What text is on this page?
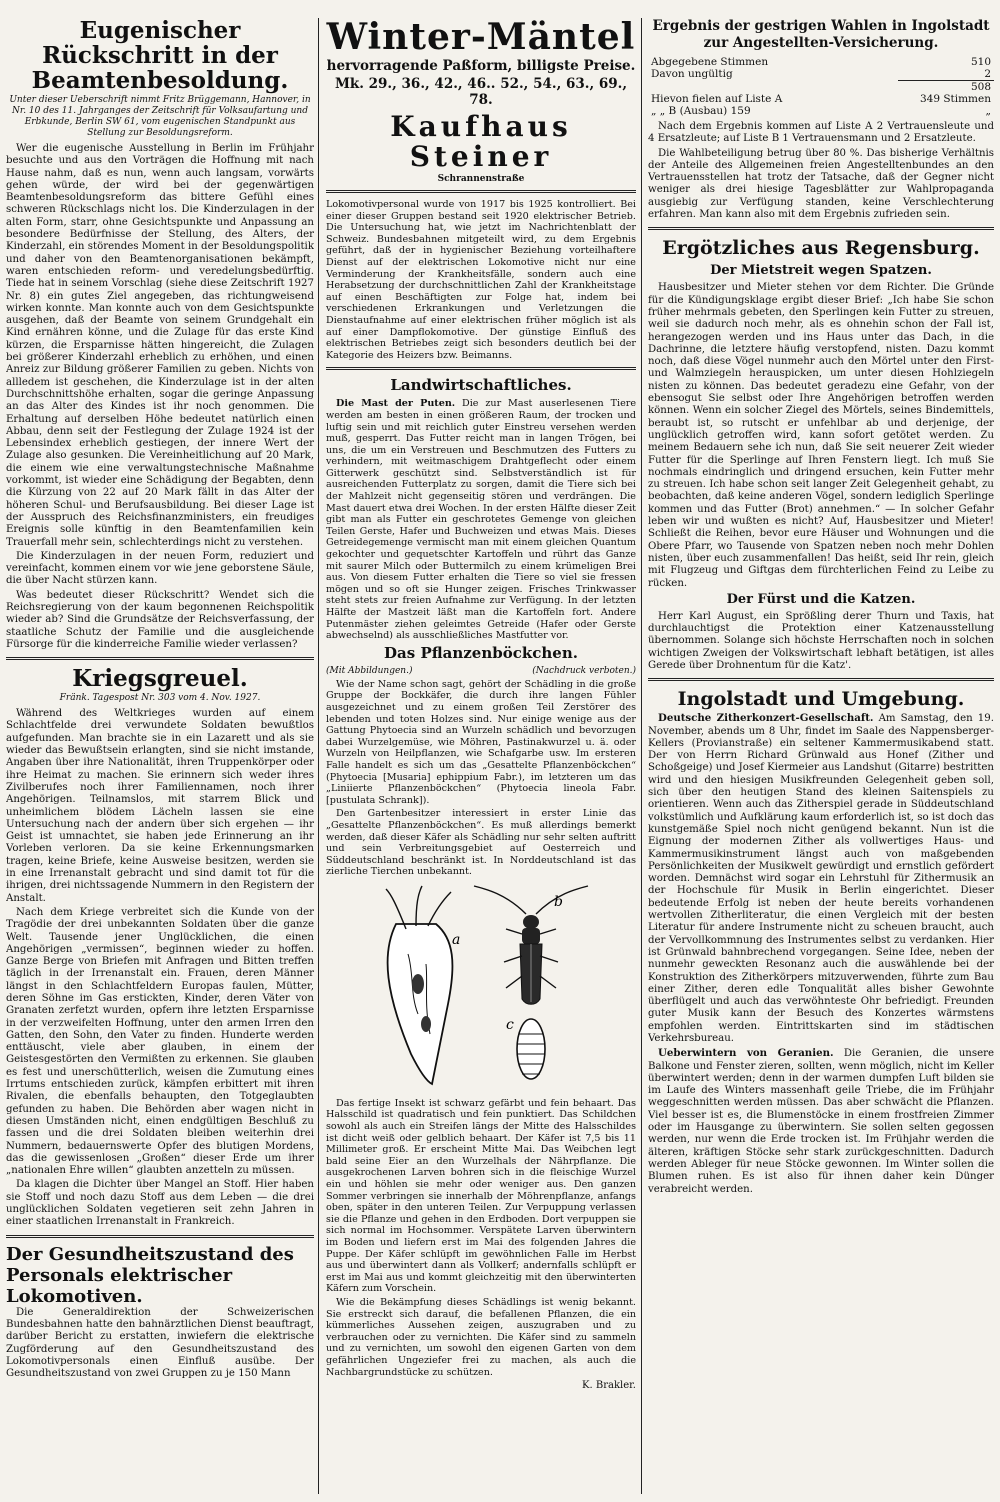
Eugenischer Rückschritt in der Beamtenbesoldung.
Unter dieser Ueberschrift nimmt Fritz Brüggemann, Hannover, in Nr. 10 des 11. Jahrganges der Zeitschrift für Volksaufartung und Erbkunde, Berlin SW 61, vom eugenischen Standpunkt aus Stellung zur Besoldungsreform.

Wer die eugenische Ausstellung in Berlin im Frühjahr besuchte und aus den Vorträgen die Hoffnung mit nach Hause nahm, daß es nun, wenn auch langsam, vorwärts gehen würde, der wird bei der gegenwärtigen Beamtenbesoldungsreform das bittere Gefühl eines schweren Rückschlags nicht los. Die Kinderzulagen in der alten Form, starr, ohne Gesichtspunkte und Anpassung an besondere Bedürfnisse der Stellung, des Alters, der Kinderzahl, ein störendes Moment in der Besoldungspolitik und daher von den Beamtenorganisationen bekämpft, waren entschieden reform- und veredelungsbedürftig. Tiede hat in seinem Vorschlag (siehe diese Zeitschrift 1927 Nr. 8) ein gutes Ziel angegeben, das richtungweisend wirken konnte. Man konnte auch von dem Gesichtspunkte ausgehen, daß der Beamte von seinem Grundgehalt ein Kind ernähren könne, und die Zulage für das erste Kind kürzen, die Ersparnisse hätten hingereicht, die Zulagen bei größerer Kinderzahl erheblich zu erhöhen, und einen Anreiz zur Bildung größerer Familien zu geben. Nichts von allledem ist geschehen, die Kinderzulage ist in der alten Durchschnittshöhe erhalten, sogar die geringe Anpassung an das Alter des Kindes ist ihr noch genommen. Die Erhaltung auf derselben Höhe bedeutet natürlich einen Abbau, denn seit der Festlegung der Zulage 1924 ist der Lebensindex erheblich gestiegen, der innere Wert der Zulage also gesunken. Die Vereinheitlichung auf 20 Mark, die einem wie eine verwaltungstechnische Maßnahme vorkommt, ist wieder eine Schädigung der Begabten, denn die Kürzung von 22 auf 20 Mark fällt in das Alter der höheren Schul- und Berufsausbildung. Bei dieser Lage ist der Ausspruch des Reichsfinanzministers, ein freudiges Ereignis solle künftig in den Beamtenfamilien kein Trauerfall mehr sein, schlechterdings nicht zu verstehen.

Die Kinderzulagen in der neuen Form, reduziert und vereinfacht, kommen einem vor wie jene geborstene Säule, die über Nacht stürzen kann.

Was bedeutet dieser Rückschritt? Wendet sich die Reichsregierung von der kaum begonnenen Reichspolitik wieder ab? Sind die Grundsätze der Reichsverfassung, der staatliche Schutz der Familie und die ausgleichende Fürsorge für die kinderreiche Familie wieder verlassen?

Kriegsgreuel.
Fränk. Tagespost Nr. 303 vom 4. Nov. 1927.

Während des Weltkrieges wurden auf einem Schlachtfelde drei verwundete Soldaten bewußtlos aufgefunden. Man brachte sie in ein Lazarett und als sie wieder das Bewußtsein erlangten, sind sie nicht imstande, Angaben über ihre Nationalität, ihren Truppenkörper oder ihre Heimat zu machen. Sie erinnern sich weder ihres Zivilberufes noch ihrer Familiennamen, noch ihrer Angehörigen. Teilnamslos, mit starrem Blick und unheimlichem blödem Lächeln lassen sie eine Untersuchung nach der andern über sich ergehen — ihr Geist ist umnachtet, sie haben jede Erinnerung an ihr Vorleben verloren. Da sie keine Erkennungsmarken tragen, keine Briefe, keine Ausweise besitzen, werden sie in eine Irrenanstalt gebracht und sind damit tot für die ihrigen, drei nichtssagende Nummern in den Registern der Anstalt.

Nach dem Kriege verbreitet sich die Kunde von der Tragödie der drei unbekannten Soldaten über die ganze Welt. Tausende jener Unglücklichen, die einen Angehörigen „vermissen“, beginnen wieder zu hoffen. Ganze Berge von Briefen mit Anfragen und Bitten treffen täglich in der Irrenanstalt ein. Frauen, deren Männer längst in den Schlachtfeldern Europas faulen, Mütter, deren Söhne im Gas erstickten, Kinder, deren Väter von Granaten zerfetzt wurden, opfern ihre letzten Ersparnisse in der verzweifelten Hoffnung, unter den armen Irren den Gatten, den Sohn, den Vater zu finden. Hunderte werden enttäuscht, viele aber glauben, in einem der Geistesgestörten den Vermißten zu erkennen. Sie glauben es fest und unerschütterlich, weisen die Zumutung eines Irrtums entschieden zurück, kämpfen erbittert mit ihren Rivalen, die ebenfalls behaupten, den Totgeglaubten gefunden zu haben. Die Behörden aber wagen nicht in diesen Umständen nicht, einen endgültigen Beschluß zu fassen und die drei Soldaten bleiben weiterhin drei Nummern, bedauernswerte Opfer des blutigen Mordens, das die gewissenlosen „Großen“ dieser Erde um ihrer „nationalen Ehre willen“ glaubten anzetteln zu müssen.

Da klagen die Dichter über Mangel an Stoff. Hier haben sie Stoff und noch dazu Stoff aus dem Leben — die drei unglücklichen Soldaten vegetieren seit zehn Jahren in einer staatlichen Irrenanstalt in Frankreich.

Der Gesundheitszustand des Personals elektrischer Lokomotiven.

Die Generaldirektion der Schweizerischen Bundesbahnen hatte den bahnärztlichen Dienst beauftragt, darüber Bericht zu erstatten, inwiefern die elektrische Zugförderung auf den Gesundheitszustand des Lokomotivpersonals einen Einfluß ausübe. Der Gesundheitszustand von zwei Gruppen zu je 150 Mann

Winter-Mäntel
hervorragende Paßform, billigste Preise.
Mk. 29., 36., 42., 46.. 52., 54., 63., 69., 78.
Kaufhaus Steiner
Schrannenstraße

Lokomotivpersonal wurde von 1917 bis 1925 kontrolliert. Bei einer dieser Gruppen bestand seit 1920 elektrischer Betrieb. Die Untersuchung hat, wie jetzt im Nachrichtenblatt der Schweiz. Bundesbahnen mitgeteilt wird, zu dem Ergebnis geführt, daß der in hygienischer Beziehung vorteilhaftere Dienst auf der elektrischen Lokomotive nicht nur eine Verminderung der Krankheitsfälle, sondern auch eine Herabsetzung der durchschnittlichen Zahl der Krankheitstage auf einen Beschäftigten zur Folge hat, indem bei verschiedenen Erkrankungen und Verletzungen die Dienstaufnahme auf einer elektrischen früher möglich ist als auf einer Dampflokomotive. Der günstige Einfluß des elektrischen Betriebes zeigt sich besonders deutlich bei der Kategorie des Heizers bzw. Beimanns.

Landwirtschaftliches.

Die Mast der Puten. Die zur Mast auserlesenen Tiere werden am besten in einen größeren Raum, der trocken und luftig sein und mit reichlich guter Einstreu versehen werden muß, gesperrt. Das Futter reicht man in langen Trögen, bei uns, die um ein Verstreuen und Beschmutzen des Futters zu verhindern, mit weitmaschigem Drahtgeflecht oder einem Gitterwerk geschützt sind. Selbstverständlich ist für ausreichenden Futterplatz zu sorgen, damit die Tiere sich bei der Mahlzeit nicht gegenseitig stören und verdrängen. Die Mast dauert etwa drei Wochen. In der ersten Hälfte dieser Zeit gibt man als Futter ein geschrotetes Gemenge von gleichen Teilen Gerste, Hafer und Buchweizen und etwas Mais. Dieses Getreidegemenge vermischt man mit einem gleichen Quantum gekochter und gequetschter Kartoffeln und rührt das Ganze mit saurer Milch oder Buttermilch zu einem krümeligen Brei aus. Von diesem Futter erhalten die Tiere so viel sie fressen mögen und so oft sie Hunger zeigen. Frisches Trinkwasser steht stets zur freien Aufnahme zur Verfügung. In der letzten Hälfte der Mastzeit läßt man die Kartoffeln fort. Andere Putenmäster ziehen geleimtes Getreide (Hafer oder Gerste abwechselnd) als ausschließliches Mastfutter vor.

Das Pflanzenböckchen.
(Mit Abbildungen.)	(Nachdruck verboten.)

Wie der Name schon sagt, gehört der Schädling in die große Gruppe der Bockkäfer, die durch ihre langen Fühler ausgezeichnet und zu einem großen Teil Zerstörer des lebenden und toten Holzes sind. Nur einige wenige aus der Gattung Phytoecia sind an Wurzeln schädlich und bevorzugen dabei Wurzelgemüse, wie Möhren, Pastinakwurzel u. ä. oder Wurzeln von Heilpflanzen, wie Schafgarbe usw. Im ersteren Falle handelt es sich um das „Gesattelte Pflanzenböckchen“ (Phytoecia [Musaria] ephippium Fabr.), im letzteren um das „Liniierte Pflanzenböckchen“ (Phytoecia lineola Fabr. [pustulata Schrank]).

Den Gartenbesitzer interessiert in erster Linie das „Gesattelte Pflanzenböckchen“. Es muß allerdings bemerkt werden, daß dieser Käfer als Schädling nur sehr selten auftritt und sein Verbreitungsgebiet auf Oesterreich und Süddeutschland beschränkt ist. In Norddeutschland ist das zierliche Tierchen unbekannt.

a
b
c

Das fertige Insekt ist schwarz gefärbt und fein behaart. Das Halsschild ist quadratisch und fein punktiert. Das Schildchen sowohl als auch ein Streifen längs der Mitte des Halsschildes ist dicht weiß oder gelblich behaart. Der Käfer ist 7,5 bis 11 Millimeter groß. Er erscheint Mitte Mai. Das Weibchen legt bald seine Eier an den Wurzelhals der Nährpflanze. Die ausgekrochenen Larven bohren sich in die fleischige Wurzel ein und höhlen sie mehr oder weniger aus. Den ganzen Sommer verbringen sie innerhalb der Möhrenpflanze, anfangs oben, später in den unteren Teilen. Zur Verpuppung verlassen sie die Pflanze und gehen in den Erdboden. Dort verpuppen sie sich normal im Hochsommer. Verspätete Larven überwintern im Boden und liefern erst im Mai des folgenden Jahres die Puppe. Der Käfer schlüpft im gewöhnlichen Falle im Herbst aus und überwintert dann als Vollkerf; andernfalls schlüpft er erst im Mai aus und kommt gleichzeitig mit den überwinterten Käfern zum Vorschein.

Wie die Bekämpfung dieses Schädlings ist wenig bekannt. Sie erstreckt sich darauf, die befallenen Pflanzen, die ein kümmerliches Aussehen zeigen, auszugraben und zu verbrauchen oder zu vernichten. Die Käfer sind zu sammeln und zu vernichten, um sowohl den eigenen Garten von dem gefährlichen Ungeziefer frei zu machen, als auch die Nachbargrundstücke zu schützen.

K. Brakler.
Ergebnis der gestrigen Wahlen in Ingolstadt zur Angestellten-Versicherung.
Abgegebene Stimmen	510
Davon ungültig	2
	508
Hievon fielen auf Liste A	349 Stimmen
„ „ B (Ausbau) 159	„

Nach dem Ergebnis kommen auf Liste A 2 Vertrauensleute und 4 Ersatzleute; auf Liste B 1 Vertrauensmann und 2 Ersatzleute.

Die Wahlbeteiligung betrug über 80 %. Das bisherige Verhältnis der Anteile des Allgemeinen freien Angestelltenbundes an den Vertrauensstellen hat trotz der Tatsache, daß der Gegner nicht weniger als drei hiesige Tagesblätter zur Wahlpropaganda ausgiebig zur Verfügung standen, keine Verschlechterung erfahren. Man kann also mit dem Ergebnis zufrieden sein.

Ergötzliches aus Regensburg.
Der Mietstreit wegen Spatzen.

Hausbesitzer und Mieter stehen vor dem Richter. Die Gründe für die Kündigungsklage ergibt dieser Brief: „Ich habe Sie schon früher mehrmals gebeten, den Sperlingen kein Futter zu streuen, weil sie dadurch noch mehr, als es ohnehin schon der Fall ist, herangezogen werden und ins Haus unter das Dach, in die Dachrinne, die letztere häufig verstopfend, nisten. Dazu kommt noch, daß diese Vögel nunmehr auch den Mörtel unter den First- und Walmziegeln herauspicken, um unter diesen Hohlziegeln nisten zu können. Das bedeutet geradezu eine Gefahr, von der ebensogut Sie selbst oder Ihre Angehörigen betroffen werden können. Wenn ein solcher Ziegel des Mörtels, seines Bindemittels, beraubt ist, so rutscht er unfehlbar ab und derjenige, der unglücklich getroffen wird, kann sofort getötet werden. Zu meinem Bedauern sehe ich nun, daß Sie seit neuerer Zeit wieder Futter für die Sperlinge auf Ihren Fenstern liegt. Ich muß Sie nochmals eindringlich und dringend ersuchen, kein Futter mehr zu streuen. Ich habe schon seit langer Zeit Gelegenheit gehabt, zu beobachten, daß keine anderen Vögel, sondern lediglich Sperlinge kommen und das Futter (Brot) annehmen.“ — In solcher Gefahr leben wir und wußten es nicht? Auf, Hausbesitzer und Mieter! Schließt die Reihen, bevor eure Häuser und Wohnungen und die Obere Pfarr, wo Tausende von Spatzen neben noch mehr Dohlen nisten, über euch zusammenfallen! Das heißt, seid Ihr rein, gleich mit Flugzeug und Giftgas dem fürchterlichen Feind zu Leibe zu rücken.

Der Fürst und die Katzen.

Herr Karl August, ein Sprößling derer Thurn und Taxis, hat durchlauchtigst die Protektion einer Katzenausstellung übernommen. Solange sich höchste Herrschaften noch in solchen wichtigen Zweigen der Volkswirtschaft lebhaft betätigen, ist alles Gerede über Drohnentum für die Katz'.

Ingolstadt und Umgebung.

Deutsche Zitherkonzert-Gesellschaft. Am Samstag, den 19. November, abends um 8 Uhr, findet im Saale des Nappensberger-Kellers (Provianstraße) ein seltener Kammermusikabend statt. Der von Herrn Richard Grünwald aus Honef (Zither und Schoßgeige) und Josef Kiermeier aus Landshut (Gitarre) bestritten wird und den hiesigen Musikfreunden Gelegenheit geben soll, sich über den heutigen Stand des kleinen Saitenspiels zu orientieren. Wenn auch das Zitherspiel gerade in Süddeutschland volkstümlich und Aufklärung kaum erforderlich ist, so ist doch das kunstgemäße Spiel noch nicht genügend bekannt. Nun ist die Eignung der modernen Zither als vollwertiges Haus- und Kammermusikinstrument längst auch von maßgebenden Persönlichkeiten der Musikwelt gewürdigt und ernstlich gefördert worden. Demnächst wird sogar ein Lehrstuhl für Zithermusik an der Hochschule für Musik in Berlin eingerichtet. Dieser bedeutende Erfolg ist neben der heute bereits vorhandenen wertvollen Zitherliteratur, die einen Vergleich mit der besten Literatur für andere Instrumente nicht zu scheuen braucht, auch der Vervollkommnung des Instrumentes selbst zu verdanken. Hier ist Grünwald bahnbrechend vorgegangen. Seine Idee, neben der nunmehr geweckten Resonanz auch die auswählende bei der Konstruktion des Zitherkörpers mitzuverwenden, führte zum Bau einer Zither, deren edle Tonqualität alles bisher Gewohnte überflügelt und auch das verwöhnteste Ohr befriedigt. Freunden guter Musik kann der Besuch des Konzertes wärmstens empfohlen werden. Eintrittskarten sind im städtischen Verkehrsbureau.

Ueberwintern von Geranien. Die Geranien, die unsere Balkone und Fenster zieren, sollten, wenn möglich, nicht im Keller überwintert werden; denn in der warmen dumpfen Luft bilden sie im Laufe des Winters massenhaft geile Triebe, die im Frühjahr weggeschnitten werden müssen. Das aber schwächt die Pflanzen. Viel besser ist es, die Blumenstöcke in einem frostfreien Zimmer oder im Hausgange zu überwintern. Sie sollen selten gegossen werden, nur wenn die Erde trocken ist. Im Frühjahr werden die älteren, kräftigen Stöcke sehr stark zurückgeschnitten. Dadurch werden Ableger für neue Stöcke gewonnen. Im Winter sollen die Blumen ruhen. Es ist also für ihnen daher kein Dünger verabreicht werden.
